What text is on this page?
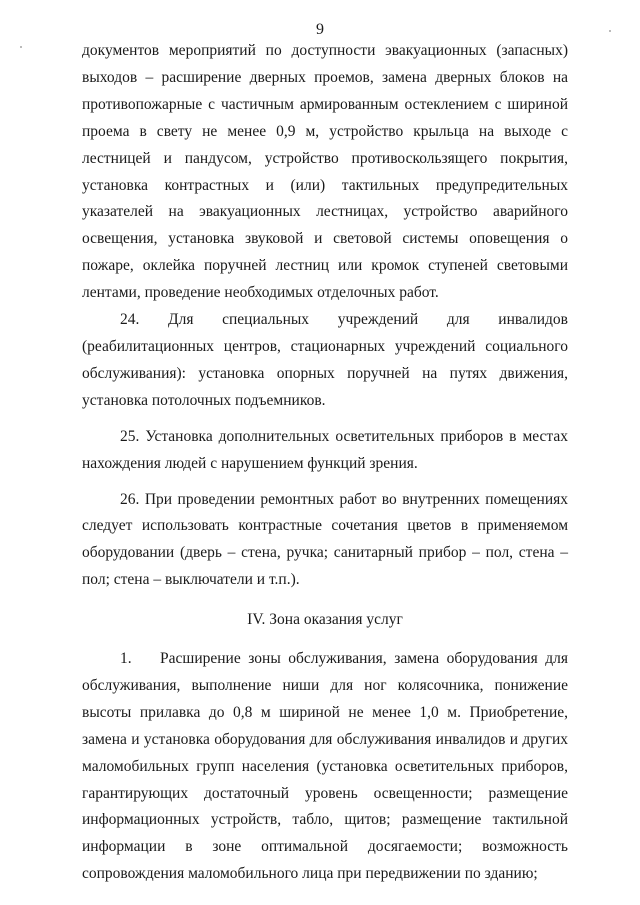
9

документов мероприятий по доступности эвакуационных (запасных) выходов – расширение дверных проемов, замена дверных блоков на противопожарные с частичным армированным остеклением с шириной проема в свету не менее 0,9 м, устройство крыльца на выходе с лестницей и пандусом, устройство противоскользящего покрытия, установка контрастных и (или) тактильных предупредительных указателей на эвакуационных лестницах, устройство аварийного освещения, установка звуковой и световой системы оповещения о пожаре, оклейка поручней лестниц или кромок ступеней световыми лентами, проведение необходимых отделочных работ.

24. Для специальных учреждений для инвалидов (реабилитационных центров, стационарных учреждений социального обслуживания): установка опорных поручней на путях движения, установка потолочных подъемников.

25. Установка дополнительных осветительных приборов в местах нахождения людей с нарушением функций зрения.

26. При проведении ремонтных работ во внутренних помещениях следует использовать контрастные сочетания цветов в применяемом оборудовании (дверь – стена, ручка; санитарный прибор – пол, стена – пол; стена – выключатели и т.п.).

IV. Зона оказания услуг

1. Расширение зоны обслуживания, замена оборудования для обслуживания, выполнение ниши для ног колясочника, понижение высоты прилавка до 0,8 м шириной не менее 1,0 м. Приобретение, замена и установка оборудования для обслуживания инвалидов и других маломобильных групп населения (установка осветительных приборов, гарантирующих достаточный уровень освещенности; размещение информационных устройств, табло, щитов; размещение тактильной информации в зоне оптимальной досягаемости; возможность сопровождения маломобильного лица при передвижении по зданию;
